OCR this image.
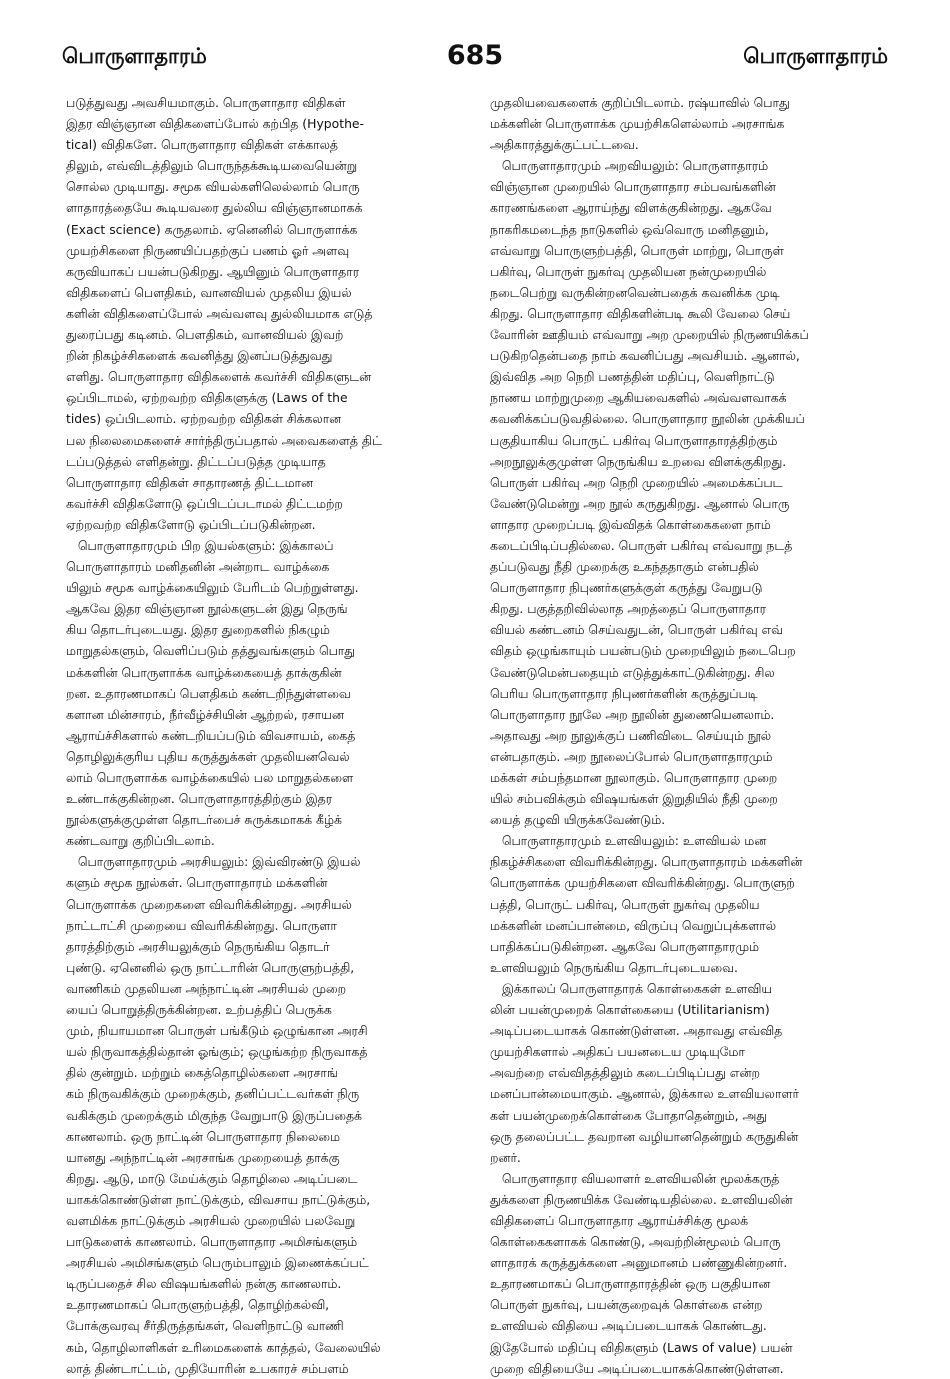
பொருளாதாரம்	685	பொருளாதாரம்
படுத்துவது அவசியமாகும். பொருளாதார விதிகள்
இதர விஞ்ஞான விதிகளைப்போல் கற்பித (Hypothe-
tical) விதிகளே. பொருளாதார விதிகள் எக்காலத்
திலும், எவ்விடத்திலும் பொருந்தக்கூடியவையென்று
சொல்ல முடியாது. சமூக வியல்களிலெல்லாம் பொரு
ளாதாரத்தையே கூடியவரை துல்லிய விஞ்ஞானமாகக்
(Exact science) கருதலாம். ஏனெனில் பொருளாக்க
முயற்சிகளை நிருணயிப்பதற்குப் பணம் ஓர் அளவு
கருவியாகப் பயன்படுகிறது. ஆயினும் பொருளாதார
விதிகளைப் பௌதிகம், வானவியல் முதலிய இயல்
களின் விதிகளைப்போல் அவ்வளவு துல்லியமாக எடுத்
துரைப்பது கடினம். பௌதிகம், வானவியல் இவற்
றின் நிகழ்ச்சிகளைக் கவனித்து இனப்படுத்துவது
எளிது. பொருளாதார விதிகளைக் கவர்ச்சி விதிகளுடன்
ஒப்பிடாமல், ஏற்றவற்ற விதிகளுக்கு (Laws of the
tides) ஒப்பிடலாம். ஏற்றவற்ற விதிகள் சிக்கலான
பல நிலைமைகளைச் சார்ந்திருப்பதால் அவைகளைத் திட்
டப்படுத்தல் எளிதன்று. திட்டப்படுத்த முடியாத
பொருளாதார விதிகள் சாதாரணத் திட்டமான
கவர்ச்சி விதிகளோடு ஒப்பிடப்படாமல் திட்டமற்ற
ஏற்றவற்ற விதிகளோடு ஒப்பிடப்படுகின்றன.
பொருளாதாரமும் பிற இயல்களும்: இக்காலப்
பொருளாதாரம் மனிதனின் அன்றாட வாழ்க்கை
யிலும் சமூக வாழ்க்கையிலும் பேரிடம் பெற்றுள்ளது.
ஆகவே இதர விஞ்ஞான நூல்களுடன் இது நெருங்
கிய தொடர்புடையது. இதர துறைகளில் நிகழும்
மாறுதல்களும், வெளிப்படும் தத்துவங்களும் பொது
மக்களின் பொருளாக்க வாழ்க்கையைத் தாக்குகின்
றன. உதாரணமாகப் பௌதிகம் கண்டறிந்துள்ளவை
களான மின்சாரம், நீர்வீழ்ச்சியின் ஆற்றல், ரசாயன
ஆராய்ச்சிகளால் கண்டறியப்படும் விவசாயம், கைத்
தொழிலுக்குரிய புதிய கருத்துக்கள் முதலியனவெல்
லாம் பொருளாக்க வாழ்க்கையில் பல மாறுதல்களை
உண்டாக்குகின்றன. பொருளாதாரத்திற்கும் இதர
நூல்களுக்குமுள்ள தொடர்பைச் சுருக்கமாகக் கீழ்க்
கண்டவாறு குறிப்பிடலாம்.
பொருளாதாரமும் அரசியலும்: இவ்விரண்டு இயல்
களும் சமூக நூல்கள். பொருளாதாரம் மக்களின்
பொருளாக்க முறைகளை விவரிக்கின்றது. அரசியல்
நாட்டாட்சி முறையை விவரிக்கின்றது. பொருளா
தாரத்திற்கும் அரசியலுக்கும் நெருங்கிய தொடர்
புண்டு. ஏனெனில் ஒரு நாட்டாரின் பொருளுற்பத்தி,
வாணிகம் முதலியன அந்நாட்டின் அரசியல் முறை
யைப் பொறுத்திருக்கின்றன. உற்பத்திப் பெருக்க
மும், நியாயமான பொருள் பங்கீடும் ஒழுங்கான அரசி
யல் நிருவாகத்தில்தான் ஓங்கும்; ஒழுங்கற்ற நிருவாகத்
தில் குன்றும். மற்றும் கைத்தொழில்களை அரசாங்
கம் நிருவகிக்கும் முறைக்கும், தனிப்பட்டவர்கள் நிரு
வகிக்கும் முறைக்கும் மிகுந்த வேறுபாடு இருப்பதைக்
காணலாம். ஒரு நாட்டின் பொருளாதார நிலைமை
யானது அந்நாட்டின் அரசாங்க முறையைத் தாக்கு
கிறது. ஆடு, மாடு மேய்க்கும் தொழிலை அடிப்படை
யாகக்கொண்டுள்ள நாட்டுக்கும், விவசாய நாட்டுக்கும்,
வளமிக்க நாட்டுக்கும் அரசியல் முறையில் பலவேறு
பாடுகளைக் காணலாம். பொருளாதார அமிசங்களும்
அரசியல் அமிசங்களும் பெரும்பாலும் இணைக்கப்பட்
டிருப்பதைச் சில விஷயங்களில் நன்கு காணலாம்.
உதாரணமாகப் பொருளுற்பத்தி, தொழிற்கல்வி,
போக்குவரவு சீர்திருத்தங்கள், வெளிநாட்டு வாணி
கம், தொழிலாளிகள் உரிமைகளைக் காத்தல், வேலையில்
லாத் திண்டாட்டம், முதியோரின் உபகாரச் சம்பளம்
முதலியவைகளைக் குறிப்பிடலாம். ரஷ்யாவில் பொது
மக்களின் பொருளாக்க முயற்சிகளெல்லாம் அரசாங்க
அதிகாரத்துக்குட்பட்டவை.
பொருளாதாரமும் அறவியலும்: பொருளாதாரம்
விஞ்ஞான முறையில் பொருளாதார சம்பவங்களின்
காரணங்களை ஆராய்ந்து விளக்குகின்றது. ஆகவே
நாகரிகமடைந்த நாடுகளில் ஒவ்வொரு மனிதனும்,
எவ்வாறு பொருளுற்பத்தி, பொருள் மாற்று, பொருள்
பகிர்வு, பொருள் நுகர்வு முதலியன நன்முறையில்
நடைபெற்று வருகின்றனவென்பதைக் கவனிக்க முடி
கிறது. பொருளாதார விதிகளின்படி கூலி வேலை செய்
வோரின் ஊதியம் எவ்வாறு அற முறையில் நிருணயிக்கப்
படுகிறதென்பதை நாம் கவனிப்பது அவசியம். ஆனால்,
இவ்வித அற நெறி பணத்தின் மதிப்பு, வெளிநாட்டு
நாணய மாற்றுமுறை ஆகியவைகளில் அவ்வளவாகக்
கவனிக்கப்படுவதில்லை. பொருளாதார நூலின் முக்கியப்
பகுதியாகிய பொருட் பகிர்வு பொருளாதாரத்திற்கும்
அறநூலுக்குமுள்ள நெருங்கிய உறவை விளக்குகிறது.
பொருள் பகிர்வு அற நெறி முறையில் அமைக்கப்பட
வேண்டுமென்று அற நூல் கருதுகிறது. ஆனால் பொரு
ளாதார முறைப்படி இவ்விதக் கொள்கைகளை நாம்
கடைப்பிடிப்பதில்லை. பொருள் பகிர்வு எவ்வாறு நடத்
தப்படுவது நீதி முறைக்கு உகந்ததாகும் என்பதில்
பொருளாதார நிபுணர்களுக்குள் கருத்து வேறுபடு
கிறது. பகுத்தறிவில்லாத அறத்தைப் பொருளாதார
வியல் கண்டனம் செய்வதுடன், பொருள் பகிர்வு எவ்
விதம் ஒழுங்காயும் பயன்படும் முறையிலும் நடைபெற
வேண்டுமென்பதையும் எடுத்துக்காட்டுகின்றது. சில
பெரிய பொருளாதார நிபுணர்களின் கருத்துப்படி
பொருளாதார நூலே அற நூலின் துணையெனலாம்.
அதாவது அற நூலுக்குப் பணிவிடை செய்யும் நூல்
என்பதாகும். அற நூலைப்போல் பொருளாதாரமும்
மக்கள் சம்பந்தமான நூலாகும். பொருளாதார முறை
யில் சம்பவிக்கும் விஷயங்கள் இறுதியில் நீதி முறை
யைத் தழுவி யிருக்கவேண்டும்.
பொருளாதாரமும் உளவியலும்: உளவியல் மன
நிகழ்ச்சிகளை விவரிக்கின்றது. பொருளாதாரம் மக்களின்
பொருளாக்க முயற்சிகளை விவரிக்கின்றது. பொருளுற்
பத்தி, பொருட் பகிர்வு, பொருள் நுகர்வு முதலிய
மக்களின் மனப்பான்மை, விருப்பு வெறுப்புக்களால்
பாதிக்கப்படுகின்றன. ஆகவே பொருளாதாரமும்
உளவியலும் நெருங்கிய தொடர்புடையவை.
இக்காலப் பொருளாதாரக் கொள்கைகள் உளவிய
லின் பயன்முறைக் கொள்கையை (Utilitarianism)
அடிப்படையாகக் கொண்டுள்ளன. அதாவது எவ்வித
முயற்சிகளால் அதிகப் பயனடைய முடியுமோ
அவற்றை எவ்விதத்திலும் கடைப்பிடிப்பது என்ற
மனப்பான்மையாகும். ஆனால், இக்கால உளவியலாளர்
கள் பயன்முறைக்கொள்கை போதாதென்றும், அது
ஒரு தலைப்பட்ட தவறான வழியானதென்றும் கருதுகின்
றனர்.
பொருளாதார வியலாளர் உளவியலின் மூலக்கருத்
துக்களை நிருணயிக்க வேண்டியதில்லை. உளவியலின்
விதிகளைப் பொருளாதார ஆராய்ச்சிக்கு மூலக்
கொள்கைகளாகக் கொண்டு, அவற்றின்மூலம் பொரு
ளாதாரக் கருத்துக்களை அனுமானம் பண்ணுகின்றனர்.
உதாரணமாகப் பொருளாதாரத்தின் ஒரு பகுதியான
பொருள் நுகர்வு, பயன்குறைவுக் கொள்கை என்ற
உளவியல் விதியை அடிப்படையாகக் கொண்டது.
இதேபோல் மதிப்பு விதிகளும் (Laws of value) பயன்
முறை விதியையே அடிப்படையாகக்கொண்டுள்ளன.
